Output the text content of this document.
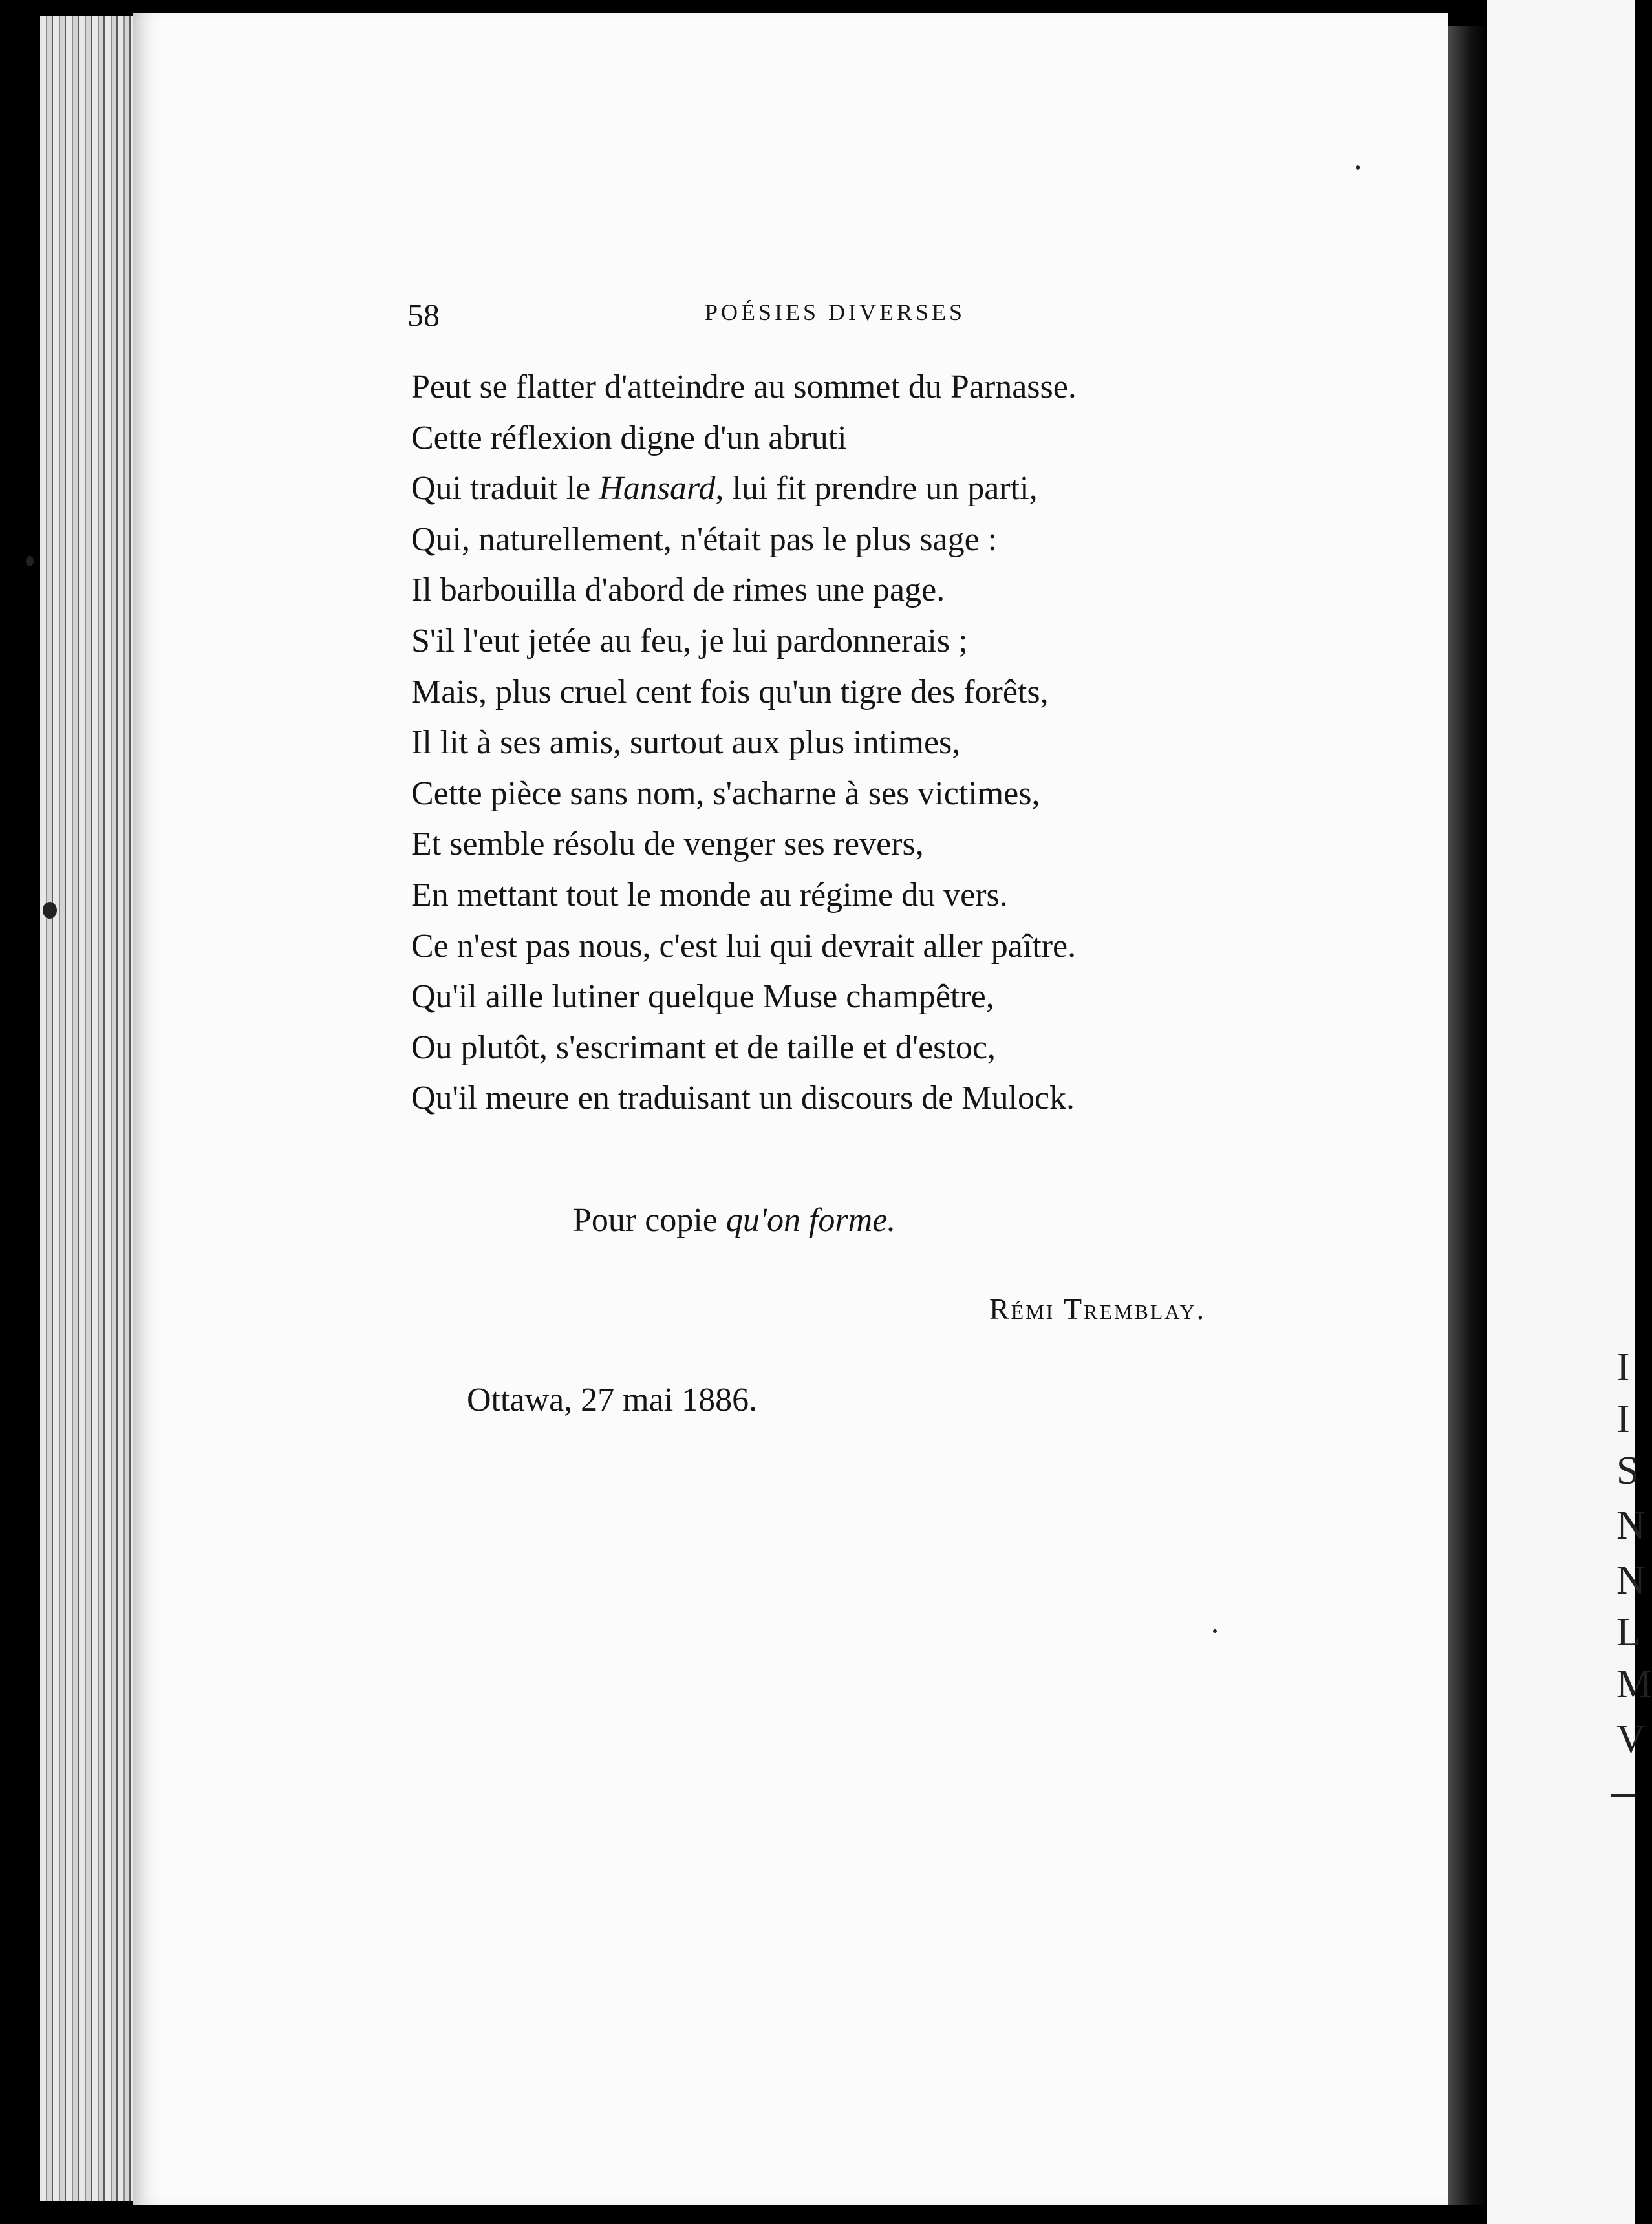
I
I
S
N
N
L
M
V
58	POÉSIES DIVERSES
Peut se flatter d'atteindre au sommet du Parnasse.
Cette réflexion digne d'un abruti
Qui traduit le Hansard, lui fit prendre un parti,
Qui, naturellement, n'était pas le plus sage :
Il barbouilla d'abord de rimes une page.
S'il l'eut jetée au feu, je lui pardonnerais ;
Mais, plus cruel cent fois qu'un tigre des forêts,
Il lit à ses amis, surtout aux plus intimes,
Cette pièce sans nom, s'acharne à ses victimes,
Et semble résolu de venger ses revers,
En mettant tout le monde au régime du vers.
Ce n'est pas nous, c'est lui qui devrait aller paître.
Qu'il aille lutiner quelque Muse champêtre,
Ou plutôt, s'escrimant et de taille et d'estoc,
Qu'il meure en traduisant un discours de Mulock.
Pour copie qu'on forme.
Rémi Tremblay.
Ottawa, 27 mai 1886.
